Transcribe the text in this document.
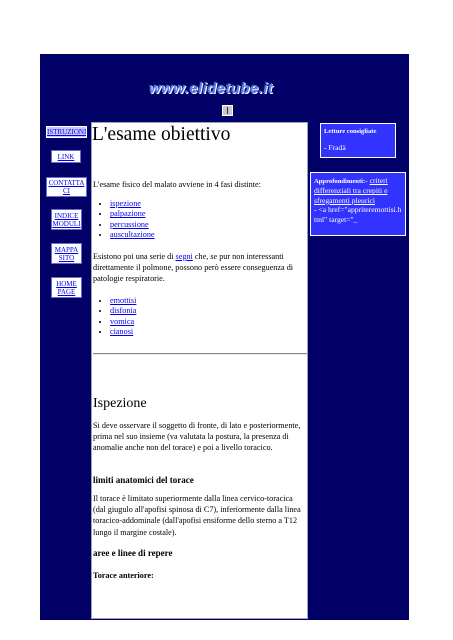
www.elidetube.it
ISTRUZIONI
LINK
CONTATTACI
INDICE MODULI
MAPPA SITO
HOME PAGE
L'esame obiettivo

L'esame fisico del malato avviene in 4 fasi distinte:

• ispezione
• palpazione
• percussione
• auscultazione

Esistono poi una serie di segni che, se pur non interessanti direttamente il polmone, possono però essere conseguenza di patologie respiratorie.

• emottisi
• disfonia
• vomica
• cianosi
Ispezione

Si deve osservare il soggetto di fronte, di lato e posteriormente, prima nel suo insieme (va valutata la postura, la presenza di anomalie anche non del torace) e poi a livello toracico.

limiti anatomici del torace

Il torace è limitato superiormente dalla linea cervico-toracica (dal giugulo all'apofisi spinosa di C7), inferiormente dalla linea toracico-addominale (dall'apofisi ensiforme dello sterno a T12 lungo il margine costale).

aree e linee di repere

Torace anteriore:

Letture consigliate
- Fradà
Approfondimenti:- criteri differenziali tra crepiti e sfregamenti pleurici
- <a href="appriteremottisi.html" target="_
